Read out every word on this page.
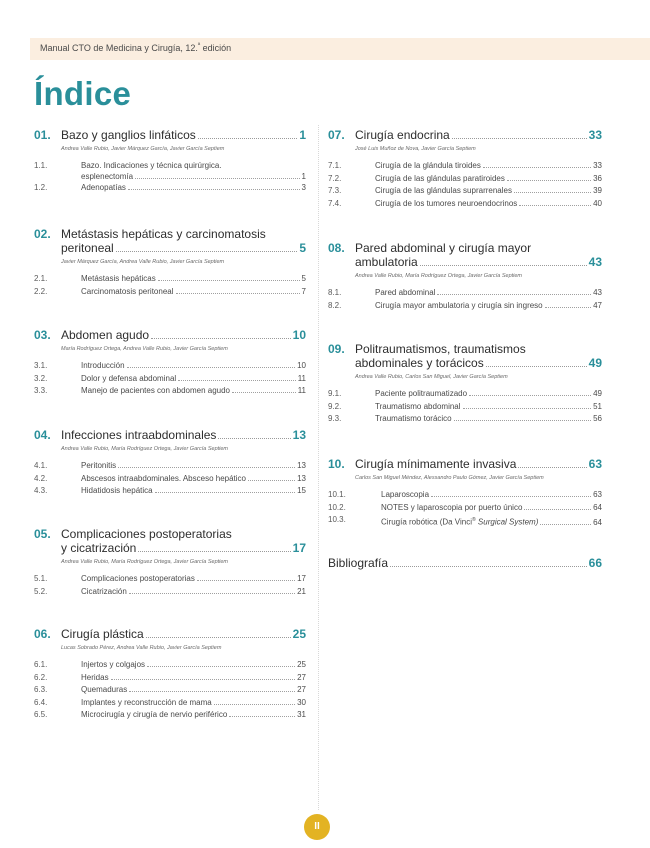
Manual CTO de Medicina y Cirugía, 12.$^ª$ edición
Índice
01. Bazo y ganglios linfáticos	1
Andrea Valle Rubio, Javier Márquez García, Javier García Septiem
1.1.	Bazo. Indicaciones y técnica quirúrgica.
esplenectomía	1
1.2.	Adenopatías	3
02. Metástasis hepáticas y carcinomatosis
peritoneal	5
Javier Márquez García, Andrea Valle Rubio, Javier García Septiem
2.1.	Metástasis hepáticas	5
2.2.	Carcinomatosis peritoneal	7
03. Abdomen agudo	10
María Rodríguez Ortega, Andrea Valle Rubio, Javier García Septiem
3.1.	Introducción	10
3.2.	Dolor y defensa abdominal	11
3.3.	Manejo de pacientes con abdomen agudo	11
04. Infecciones intraabdominales	13
Andrea Valle Rubio, María Rodríguez Ortega, Javier García Septiem
4.1.	Peritonitis	13
4.2.	Abscesos intraabdominales. Absceso hepático	13
4.3.	Hidatidosis hepática	15
05. Complicaciones postoperatorias
y cicatrización	17
Andrea Valle Rubio, María Rodríguez Ortega, Javier García Septiem
5.1.	Complicaciones postoperatorias	17
5.2.	Cicatrización	21
06. Cirugía plástica	25
Lucas Sobrado Pérez, Andrea Valle Rubio, Javier García Septiem
6.1.	Injertos y colgajos	25
6.2.	Heridas	27
6.3.	Quemaduras	27
6.4.	Implantes y reconstrucción de mama	30
6.5.	Microcirugía y cirugía de nervio periférico	31
07. Cirugía endocrina	33
José Luis Muñoz de Nova, Javier García Septiem
7.1.	Cirugía de la glándula tiroides	33
7.2.	Cirugía de las glándulas paratiroides	36
7.3.	Cirugía de las glándulas suprarrenales	39
7.4.	Cirugía de los tumores neuroendocrinos	40
08. Pared abdominal y cirugía mayor
ambulatoria	43
Andrea Valle Rubio, María Rodríguez Ortega, Javier García Septiem
8.1.	Pared abdominal	43
8.2.	Cirugía mayor ambulatoria y cirugía sin ingreso	47
09. Politraumatismos, traumatismos
abdominales y torácicos	49
Andrea Valle Rubio, Carlos San Miguel, Javier García Septiem
9.1.	Paciente politraumatizado	49
9.2.	Traumatismo abdominal	51
9.3.	Traumatismo torácico	56
10. Cirugía mínimamente invasiva	63
Carlos San Miguel Méndez, Alessandro Paulo Gómez, Javier García Septiem
10.1.	Laparoscopia	63
10.2.	NOTES y laparoscopia por puerto único	64
10.3.	Cirugía robótica (Da Vinci® Surgical System)	64
Bibliografía	66
II
